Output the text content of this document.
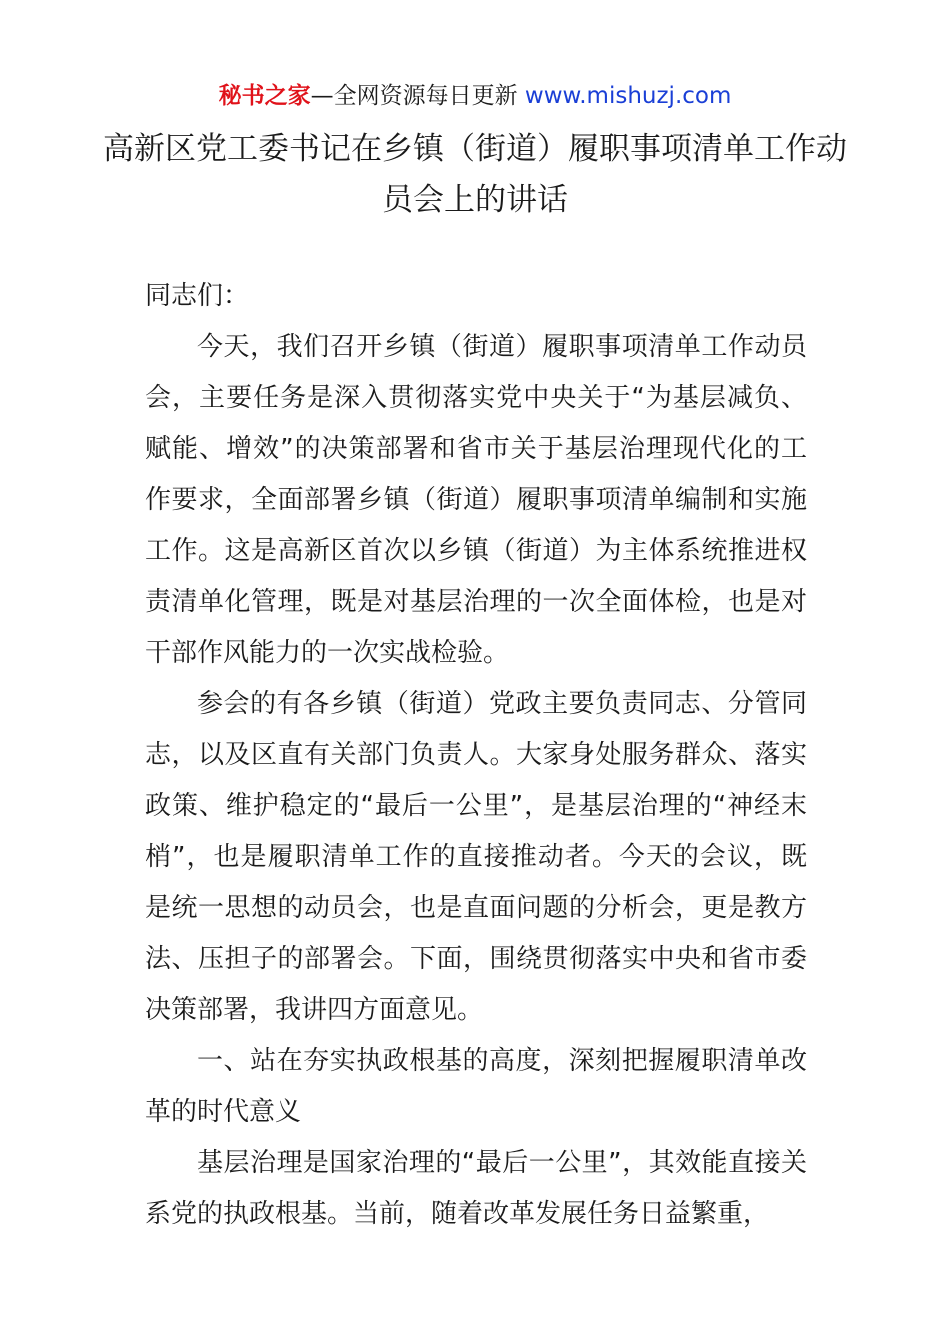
秘书之家—全网资源每日更新 www.mishuzj.com
高新区党工委书记在乡镇（街道）履职事项清单工作动员会上的讲话

同志们：

今天，我们召开乡镇（街道）履职事项清单工作动员会，主要任务是深入贯彻落实党中央关于“为基层减负、赋能、增效”的决策部署和省市关于基层治理现代化的工作要求，全面部署乡镇（街道）履职事项清单编制和实施工作。这是高新区首次以乡镇（街道）为主体系统推进权责清单化管理，既是对基层治理的一次全面体检，也是对干部作风能力的一次实战检验。

参会的有各乡镇（街道）党政主要负责同志、分管同志，以及区直有关部门负责人。大家身处服务群众、落实政策、维护稳定的“最后一公里”，是基层治理的“神经末梢”，也是履职清单工作的直接推动者。今天的会议，既是统一思想的动员会，也是直面问题的分析会，更是教方法、压担子的部署会。下面，围绕贯彻落实中央和省市委决策部署，我讲四方面意见。

一、站在夯实执政根基的高度，深刻把握履职清单改革的时代意义

基层治理是国家治理的“最后一公里”，其效能直接关系党的执政根基。当前，随着改革发展任务日益繁重，
